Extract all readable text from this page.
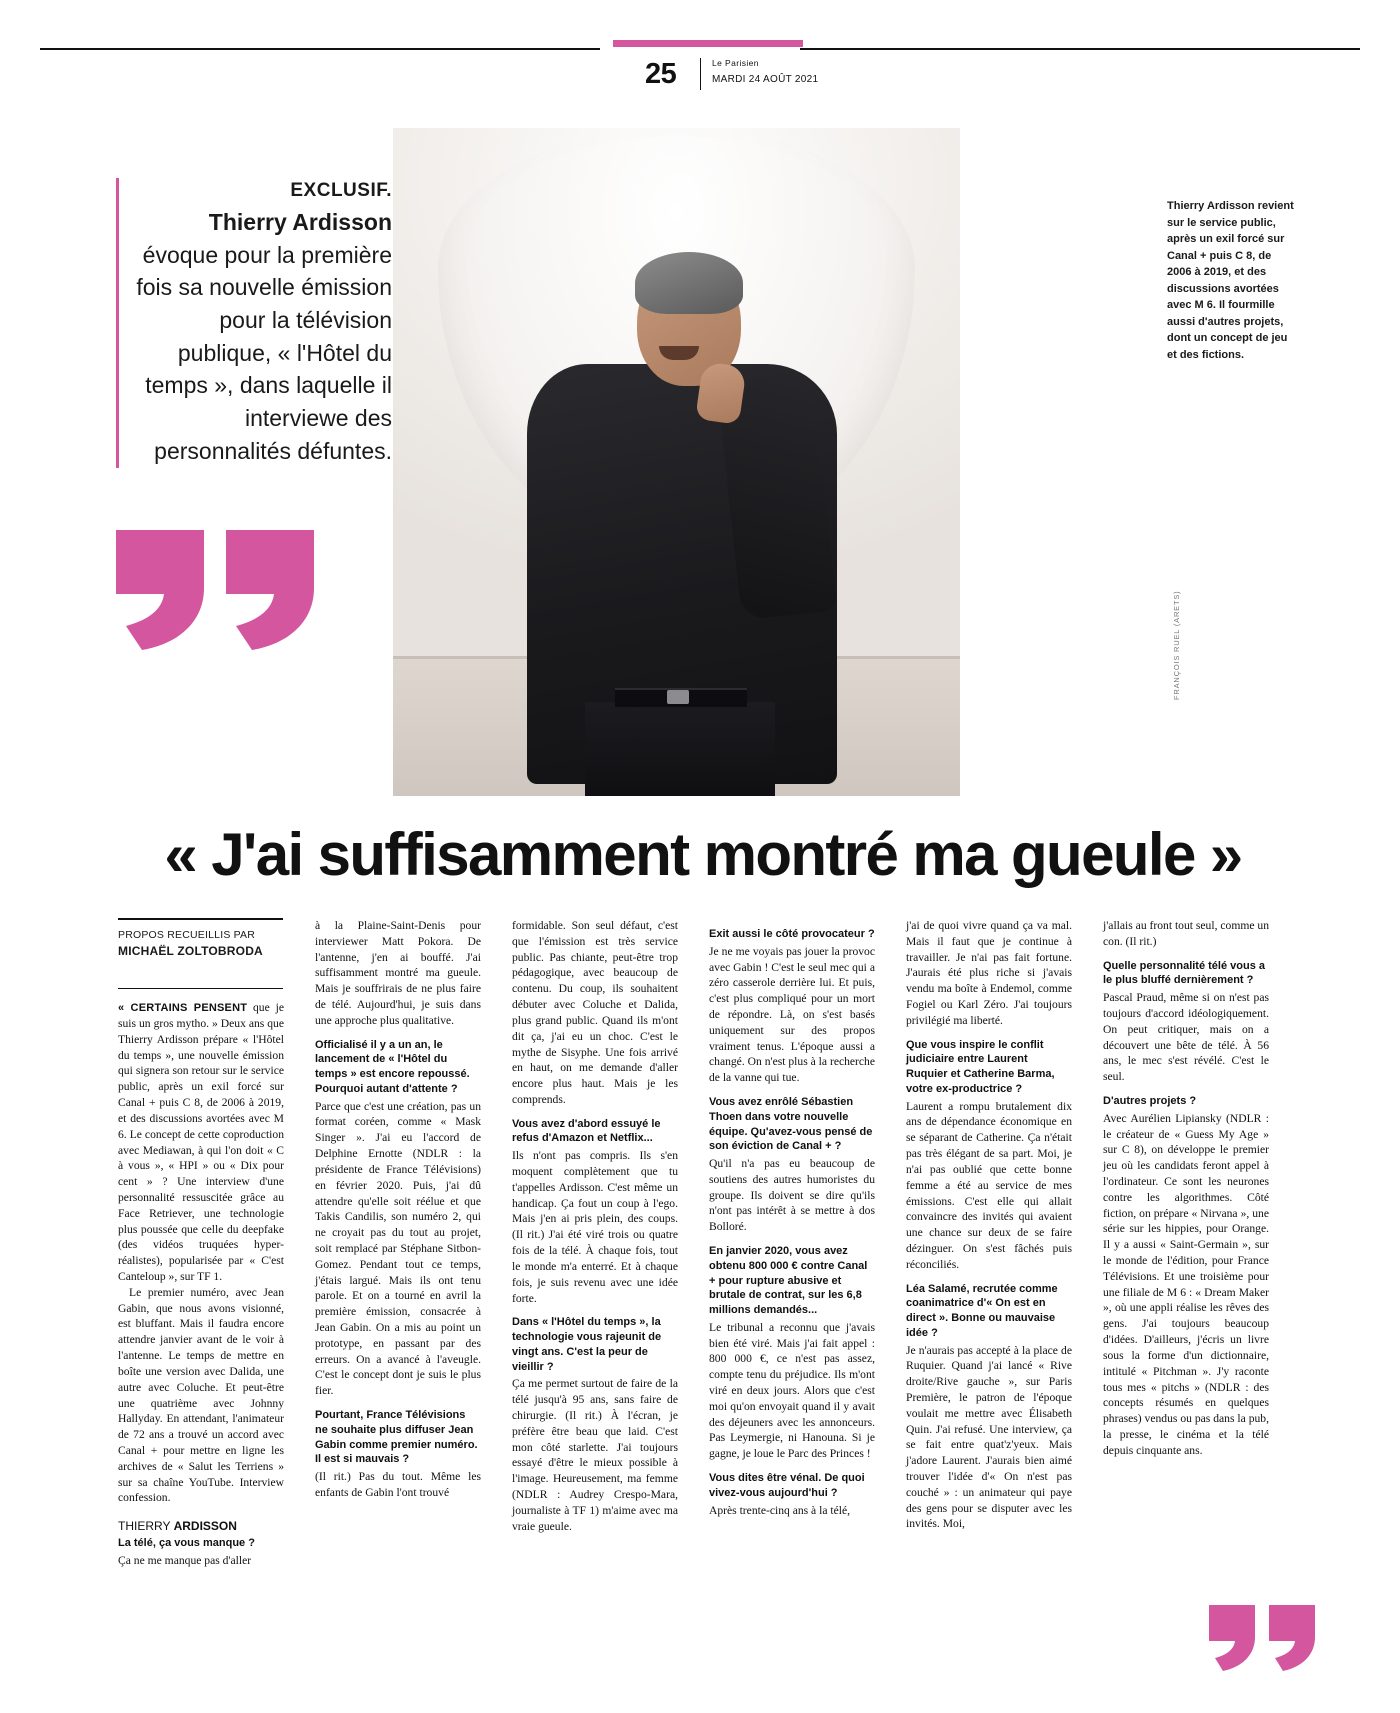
25	Le Parisien
MARDI 24 AOÛT 2021
EXCLUSIF.
Thierry Ardisson évoque pour la première fois sa nouvelle émission pour la télévision publique, « l'Hôtel du temps », dans laquelle il interviewe des personnalités défuntes.
FRANÇOIS RUEL (ARETS)
Thierry Ardisson revient sur le service public, après un exil forcé sur Canal + puis C 8, de 2006 à 2019, et des discussions avortées avec M 6. Il fourmille aussi d'autres projets, dont un concept de jeu et des fictions.
« J'ai suffisamment montré ma gueule »
PROPOS RECUEILLIS PAR
MICHAËL ZOLTOBRODA

« CERTAINS PENSENT que je suis un gros mytho. » Deux ans que Thierry Ardisson prépare « l'Hôtel du temps », une nouvelle émission qui signera son retour sur le service public, après un exil forcé sur Canal + puis C 8, de 2006 à 2019, et des discussions avortées avec M 6. Le concept de cette coproduction avec Mediawan, à qui l'on doit « C à vous », « HPI » ou « Dix pour cent » ? Une interview d'une personnalité ressuscitée grâce au Face Retriever, une technologie plus poussée que celle du deepfake (des vidéos truquées hyper-réalistes), popularisée par « C'est Canteloup », sur TF 1.

Le premier numéro, avec Jean Gabin, que nous avons visionné, est bluffant. Mais il faudra encore attendre janvier avant de le voir à l'antenne. Le temps de mettre en boîte une version avec Dalida, une autre avec Coluche. Et peut-être une quatrième avec Johnny Hallyday. En attendant, l'animateur de 72 ans a trouvé un accord avec Canal + pour mettre en ligne les archives de « Salut les Terriens » sur sa chaîne YouTube. Interview confession.

THIERRY ARDISSON
La télé, ça vous manque ?

Ça ne me manque pas d'aller

à la Plaine-Saint-Denis pour interviewer Matt Pokora. De l'antenne, j'en ai bouffé. J'ai suffisamment montré ma gueule. Mais je souffrirais de ne plus faire de télé. Aujourd'hui, je suis dans une approche plus qualitative.

Officialisé il y a un an, le lancement de « l'Hôtel du temps » est encore repoussé. Pourquoi autant d'attente ?

Parce que c'est une création, pas un format coréen, comme « Mask Singer ». J'ai eu l'accord de Delphine Ernotte (NDLR : la présidente de France Télévisions) en février 2020. Puis, j'ai dû attendre qu'elle soit réélue et que Takis Candilis, son numéro 2, qui ne croyait pas du tout au projet, soit remplacé par Stéphane Sitbon-Gomez. Pendant tout ce temps, j'étais largué. Mais ils ont tenu parole. Et on a tourné en avril la première émission, consacrée à Jean Gabin. On a mis au point un prototype, en passant par des erreurs. On a avancé à l'aveugle. C'est le concept dont je suis le plus fier.

Pourtant, France Télévisions ne souhaite plus diffuser Jean Gabin comme premier numéro. Il est si mauvais ?

(Il rit.) Pas du tout. Même les enfants de Gabin l'ont trouvé

formidable. Son seul défaut, c'est que l'émission est très service public. Pas chiante, peut-être trop pédagogique, avec beaucoup de contenu. Du coup, ils souhaitent débuter avec Coluche et Dalida, plus grand public. Quand ils m'ont dit ça, j'ai eu un choc. C'est le mythe de Sisyphe. Une fois arrivé en haut, on me demande d'aller encore plus haut. Mais je les comprends.

Vous avez d'abord essuyé le refus d'Amazon et Netflix...

Ils n'ont pas compris. Ils s'en moquent complètement que tu t'appelles Ardisson. C'est même un handicap. Ça fout un coup à l'ego. Mais j'en ai pris plein, des coups. (Il rit.) J'ai été viré trois ou quatre fois de la télé. À chaque fois, tout le monde m'a enterré. Et à chaque fois, je suis revenu avec une idée forte.

Dans « l'Hôtel du temps », la technologie vous rajeunit de vingt ans. C'est la peur de vieillir ?

Ça me permet surtout de faire de la télé jusqu'à 95 ans, sans faire de chirurgie. (Il rit.) À l'écran, je préfère être beau que laid. C'est mon côté starlette. J'ai toujours essayé d'être le mieux possible à l'image. Heureusement, ma femme (NDLR : Audrey Crespo-Mara, journaliste à TF 1) m'aime avec ma vraie gueule.

Exit aussi le côté provocateur ?

Je ne me voyais pas jouer la provoc avec Gabin ! C'est le seul mec qui a zéro casserole derrière lui. Et puis, c'est plus compliqué pour un mort de répondre. Là, on s'est basés uniquement sur des propos vraiment tenus. L'époque aussi a changé. On n'est plus à la recherche de la vanne qui tue.

Vous avez enrôlé Sébastien Thoen dans votre nouvelle équipe. Qu'avez-vous pensé de son éviction de Canal + ?

Qu'il n'a pas eu beaucoup de soutiens des autres humoristes du groupe. Ils doivent se dire qu'ils n'ont pas intérêt à se mettre à dos Bolloré.

En janvier 2020, vous avez obtenu 800 000 € contre Canal + pour rupture abusive et brutale de contrat, sur les 6,8 millions demandés...

Le tribunal a reconnu que j'avais bien été viré. Mais j'ai fait appel : 800 000 €, ce n'est pas assez, compte tenu du préjudice. Ils m'ont viré en deux jours. Alors que c'est moi qu'on envoyait quand il y avait des déjeuners avec les annonceurs. Pas Leymergie, ni Hanouna. Si je gagne, je loue le Parc des Princes !

Vous dites être vénal. De quoi vivez-vous aujourd'hui ?

Après trente-cinq ans à la télé,

j'ai de quoi vivre quand ça va mal. Mais il faut que je continue à travailler. Je n'ai pas fait fortune. J'aurais été plus riche si j'avais vendu ma boîte à Endemol, comme Fogiel ou Karl Zéro. J'ai toujours privilégié ma liberté.

Que vous inspire le conflit judiciaire entre Laurent Ruquier et Catherine Barma, votre ex-productrice ?

Laurent a rompu brutalement dix ans de dépendance économique en se séparant de Catherine. Ça n'était pas très élégant de sa part. Moi, je n'ai pas oublié que cette bonne femme a été au service de mes émissions. C'est elle qui allait convaincre des invités qui avaient une chance sur deux de se faire dézinguer. On s'est fâchés puis réconciliés.

Léa Salamé, recrutée comme coanimatrice d'« On est en direct ». Bonne ou mauvaise idée ?

Je n'aurais pas accepté à la place de Ruquier. Quand j'ai lancé « Rive droite/Rive gauche », sur Paris Première, le patron de l'époque voulait me mettre avec Élisabeth Quin. J'ai refusé. Une interview, ça se fait entre quat'z'yeux. Mais j'adore Laurent. J'aurais bien aimé trouver l'idée d'« On n'est pas couché » : un animateur qui paye des gens pour se disputer avec les invités. Moi,

j'allais au front tout seul, comme un con. (Il rit.)

Quelle personnalité télé vous a le plus bluffé dernièrement ?

Pascal Praud, même si on n'est pas toujours d'accord idéologiquement. On peut critiquer, mais on a découvert une bête de télé. À 56 ans, le mec s'est révélé. C'est le seul.

D'autres projets ?

Avec Aurélien Lipiansky (NDLR : le créateur de « Guess My Age » sur C 8), on développe le premier jeu où les candidats feront appel à l'ordinateur. Ce sont les neurones contre les algorithmes. Côté fiction, on prépare « Nirvana », une série sur les hippies, pour Orange. Il y a aussi « Saint-Germain », sur le monde de l'édition, pour France Télévisions. Et une troisième pour une filiale de M 6 : « Dream Maker », où une appli réalise les rêves des gens. J'ai toujours beaucoup d'idées. D'ailleurs, j'écris un livre sous la forme d'un dictionnaire, intitulé « Pitchman ». J'y raconte tous mes « pitchs » (NDLR : des concepts résumés en quelques phrases) vendus ou pas dans la pub, la presse, le cinéma et la télé depuis cinquante ans.
